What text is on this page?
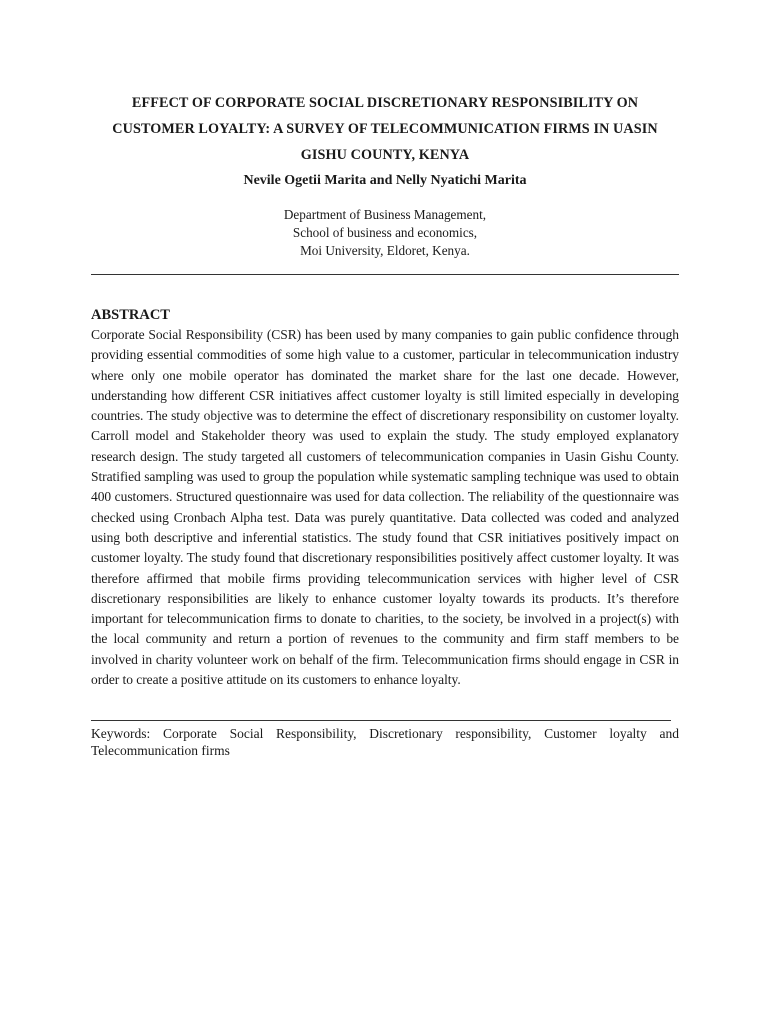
EFFECT OF CORPORATE SOCIAL DISCRETIONARY RESPONSIBILITY ON
CUSTOMER LOYALTY: A SURVEY OF TELECOMMUNICATION FIRMS IN UASIN
GISHU COUNTY, KENYA
Nevile Ogetii Marita and Nelly Nyatichi Marita
Department of Business Management,
School of business and economics,
Moi University, Eldoret, Kenya.
ABSTRACT

Corporate Social Responsibility (CSR) has been used by many companies to gain public confidence through providing essential commodities of some high value to a customer, particular in telecommunication industry where only one mobile operator has dominated the market share for the last one decade. However, understanding how different CSR initiatives affect customer loyalty is still limited especially in developing countries. The study objective was to determine the effect of discretionary responsibility on customer loyalty. Carroll model and Stakeholder theory was used to explain the study. The study employed explanatory research design. The study targeted all customers of telecommunication companies in Uasin Gishu County. Stratified sampling was used to group the population while systematic sampling technique was used to obtain 400 customers. Structured questionnaire was used for data collection. The reliability of the questionnaire was checked using Cronbach Alpha test. Data was purely quantitative. Data collected was coded and analyzed using both descriptive and inferential statistics. The study found that CSR initiatives positively impact on customer loyalty. The study found that discretionary responsibilities positively affect customer loyalty. It was therefore affirmed that mobile firms providing telecommunication services with higher level of CSR discretionary responsibilities are likely to enhance customer loyalty towards its products. It’s therefore important for telecommunication firms to donate to charities, to the society, be involved in a project(s) with the local community and return a portion of revenues to the community and firm staff members to be involved in charity volunteer work on behalf of the firm. Telecommunication firms should engage in CSR in order to create a positive attitude on its customers to enhance loyalty.

Keywords: Corporate Social Responsibility, Discretionary responsibility, Customer loyalty and Telecommunication firms
